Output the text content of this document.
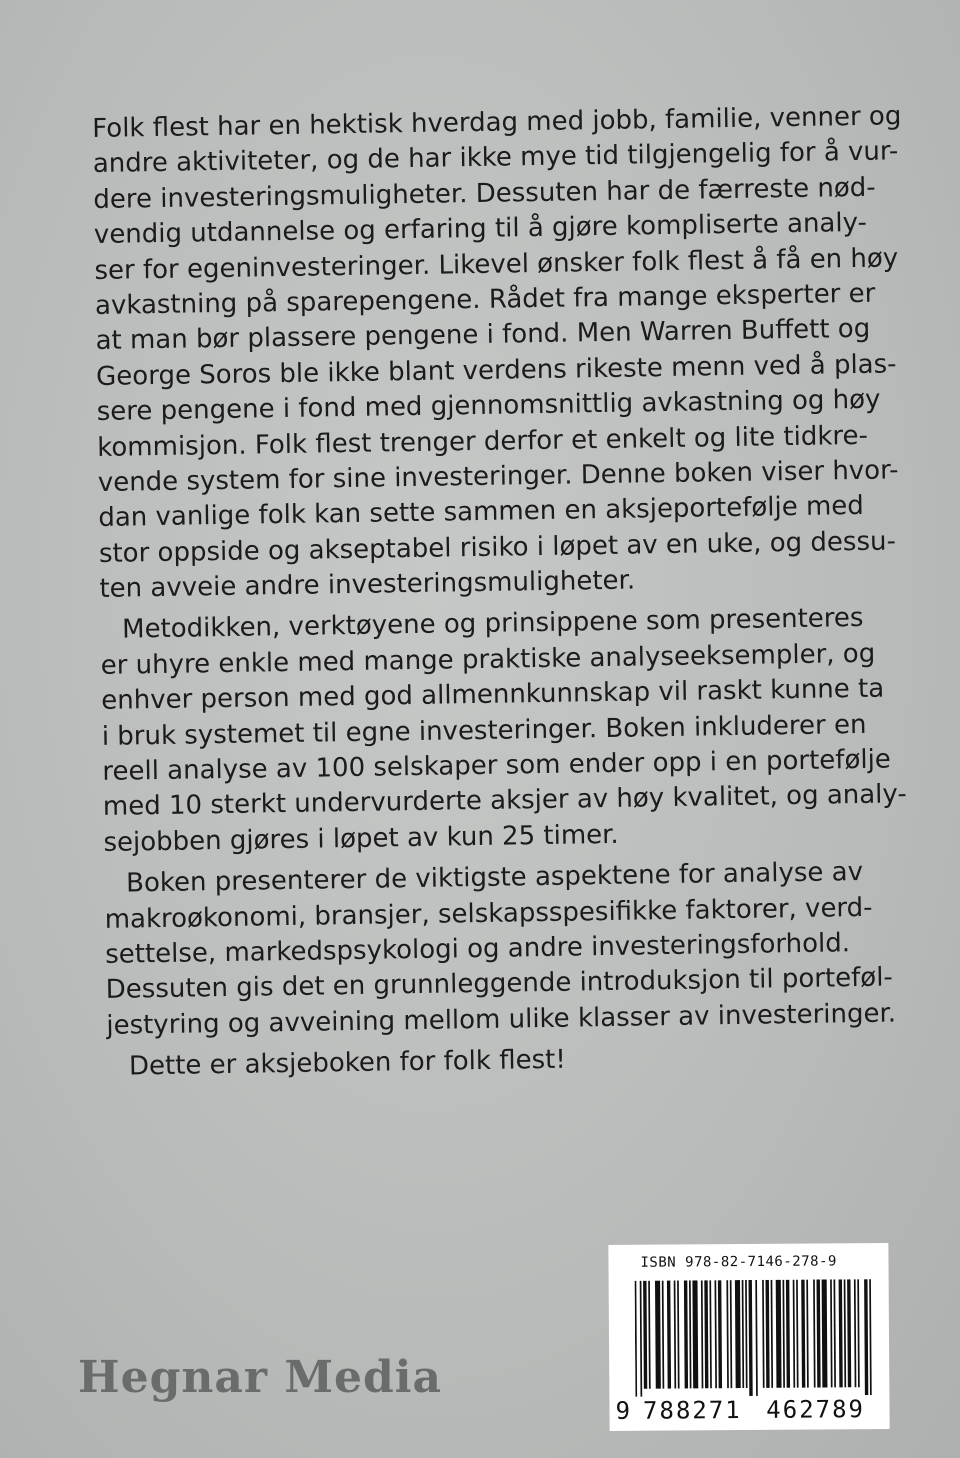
Folk flest har en hektisk hverdag med jobb, familie, venner og
andre aktiviteter, og de har ikke mye tid tilgjengelig for å vur-
dere investeringsmuligheter. Dessuten har de færreste nød-
vendig utdannelse og erfaring til å gjøre kompliserte analy-
ser for egeninvesteringer. Likevel ønsker folk flest å få en høy
avkastning på sparepengene. Rådet fra mange eksperter er
at man bør plassere pengene i fond. Men Warren Buffett og
George Soros ble ikke blant verdens rikeste menn ved å plas-
sere pengene i fond med gjennomsnittlig avkastning og høy
kommisjon. Folk flest trenger derfor et enkelt og lite tidkre-
vende system for sine investeringer. Denne boken viser hvor-
dan vanlige folk kan sette sammen en aksjeportefølje med
stor oppside og akseptabel risiko i løpet av en uke, og dessu-
ten avveie andre investeringsmuligheter.
Metodikken, verktøyene og prinsippene som presenteres
er uhyre enkle med mange praktiske analyseeksempler, og
enhver person med god allmennkunnskap vil raskt kunne ta
i bruk systemet til egne investeringer. Boken inkluderer en
reell analyse av 100 selskaper som ender opp i en portefølje
med 10 sterkt undervurderte aksjer av høy kvalitet, og analy-
sejobben gjøres i løpet av kun 25 timer.
Boken presenterer de viktigste aspektene for analyse av
makroøkonomi, bransjer, selskapsspesifikke faktorer, verd-
settelse, markedspsykologi og andre investeringsforhold.
Dessuten gis det en grunnleggende introduksjon til porteføl-
jestyring og avveining mellom ulike klasser av investeringer.
Dette er aksjeboken for folk flest!
Hegnar Media
ISBN 978-82-7146-278-9
9 788271	462789
